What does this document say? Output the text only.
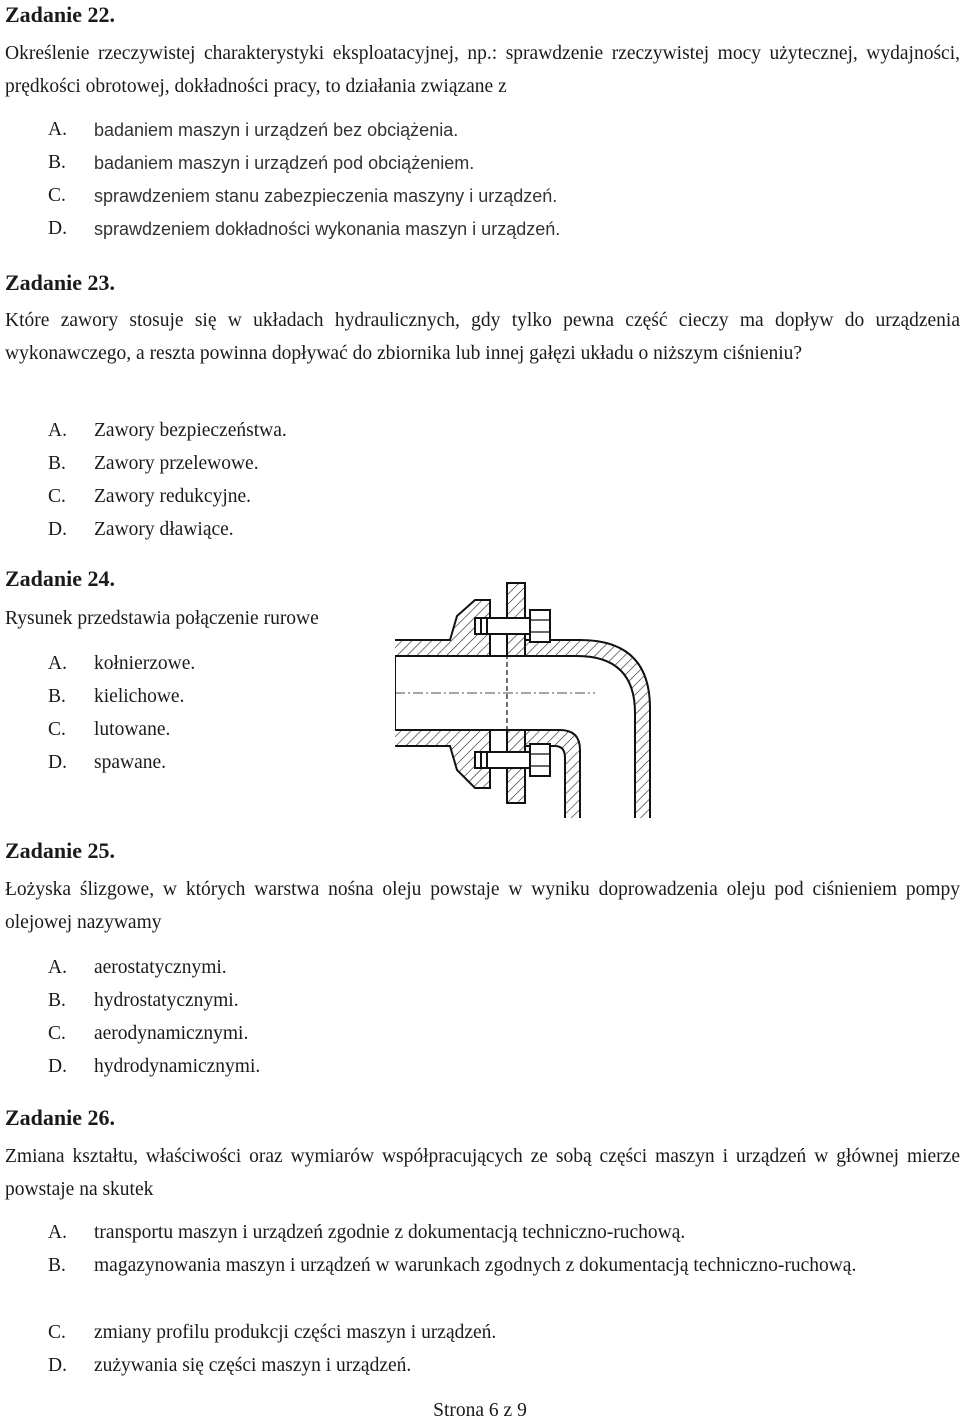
Zadanie 22.
Określenie rzeczywistej charakterystyki eksploatacyjnej, np.: sprawdzenie rzeczywistej mocy użytecznej, wydajności, prędkości obrotowej, dokładności pracy, to działania związane z
A. badaniem maszyn i urządzeń bez obciążenia.
B. badaniem maszyn i urządzeń pod obciążeniem.
C. sprawdzeniem stanu zabezpieczenia maszyny i urządzeń.
D. sprawdzeniem dokładności wykonania maszyn i urządzeń.
Zadanie 23.
Które zawory stosuje się w układach hydraulicznych, gdy tylko pewna część cieczy ma dopływ do urządzenia wykonawczego, a reszta powinna dopływać do zbiornika lub innej gałęzi układu o niższym ciśnieniu?
A. Zawory bezpieczeństwa.
B. Zawory przelewowe.
C. Zawory redukcyjne.
D. Zawory dławiące.
Zadanie 24.
Rysunek przedstawia połączenie rurowe
A. kołnierzowe.
B. kielichowe.
C. lutowane.
D. spawane.
Zadanie 25.
Łożyska ślizgowe, w których warstwa nośna oleju powstaje w wyniku doprowadzenia oleju pod ciśnieniem pompy olejowej nazywamy
A. aerostatycznymi.
B. hydrostatycznymi.
C. aerodynamicznymi.
D. hydrodynamicznymi.
Zadanie 26.
Zmiana kształtu, właściwości oraz wymiarów współpracujących ze sobą części maszyn i urządzeń w głównej mierze powstaje na skutek
A. transportu maszyn i urządzeń zgodnie z dokumentacją techniczno-ruchową.
B. magazynowania maszyn i urządzeń w warunkach zgodnych z dokumentacją techniczno-ruchową.
C. zmiany profilu produkcji części maszyn i urządzeń.
D. zużywania się części maszyn i urządzeń.
Strona 6 z 9
